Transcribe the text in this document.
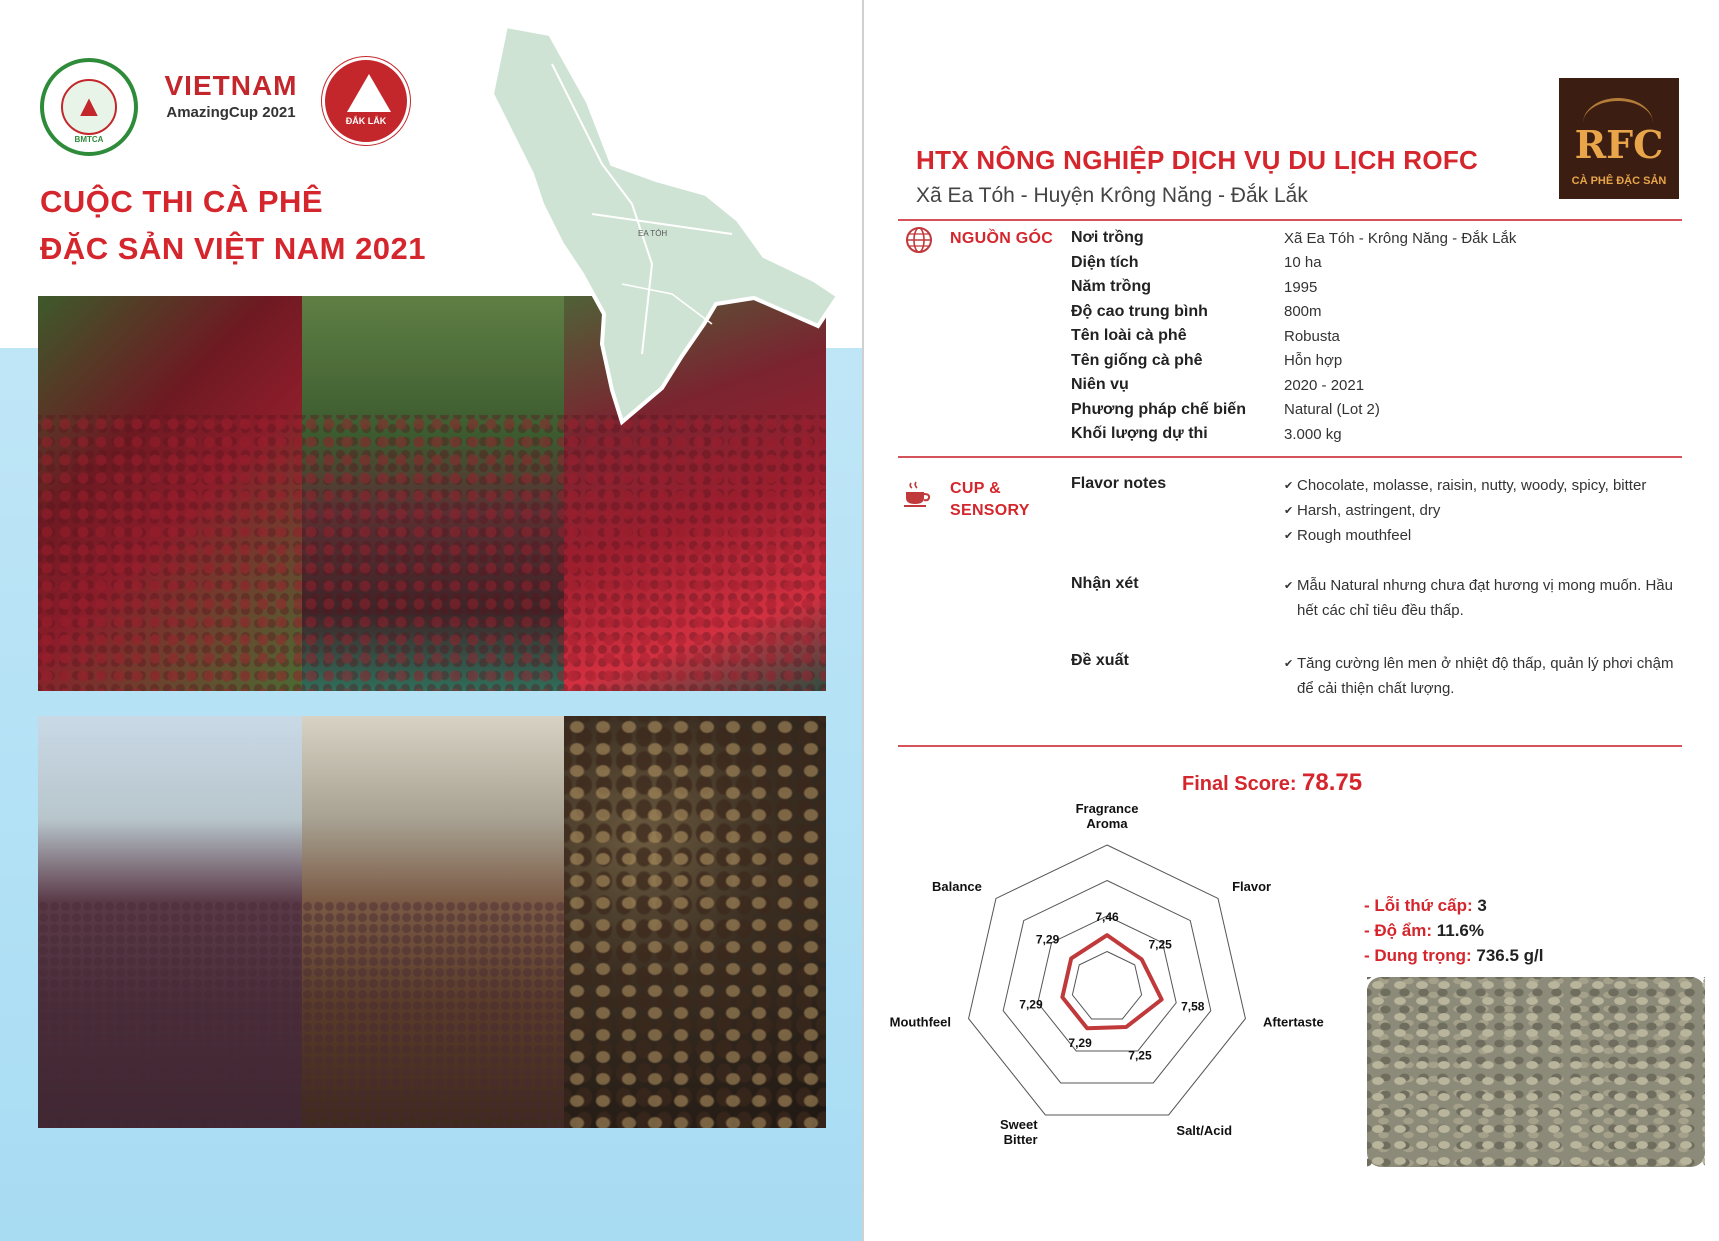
▲
BMTCA
VIETNAM
AmazingCup 2021	ĐẮK LẮK
CUỘC THI CÀ PHÊ
ĐẶC SẢN VIỆT NAM 2021	EA TÓH
RFC
CÀ PHÊ ĐẶC SẢN
HTX NÔNG NGHIỆP DỊCH VỤ DU LỊCH ROFC
Xã Ea Tóh - Huyện Krông Năng - Đắk Lắk
NGUỒN GÓC Nơi trồng	Xã Ea Tóh - Krông Năng - Đắk Lắk
Diện tích	10 ha
Năm trồng	1995
Độ cao trung bình	800m
Tên loài cà phê	Robusta
Tên giống cà phê	Hỗn hợp
Niên vụ	2020 - 2021
Phương pháp chế biến	Natural (Lot 2)
Khối lượng dự thi	3.000 kg
CUP &
SENSORY
Flavor notes	✔ Chocolate, molasse, raisin, nutty, woody, spicy, bitter
✔ Harsh, astringent, dry
✔ Rough mouthfeel
Nhận xét	✔ Mẫu Natural nhưng chưa đạt hương vị mong muốn. Hầu hết các chỉ tiêu đều thấp.
Đề xuất	✔ Tăng cường lên men ở nhiệt độ thấp, quản lý phơi chậm để cải thiện chất lượng.
Final Score: 78.75
7,46
7,25
7,58
7,25
7,29
7,29
7,29
Fragrance Aroma
Flavor
Aftertaste
Salt/Acid
Sweet Bitter
Mouthfeel
Balance
- Lỗi thứ cấp: 3
- Độ ẩm: 11.6%
- Dung trọng: 736.5 g/l
